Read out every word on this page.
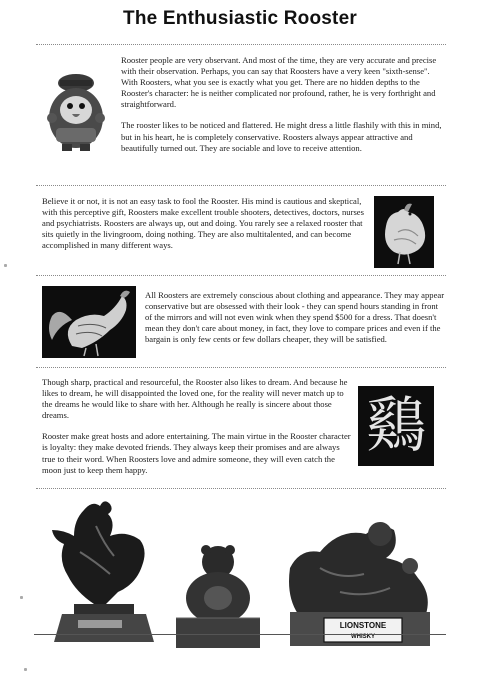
The Enthusiastic Rooster

Rooster people are very observant. And most of the time, they are very accurate and precise with their observation. Perhaps, you can say that Roosters have a very keen "sixth-sense". With Roosters, what you see is exactly what you get. There are no hidden depths to the Rooster's character: he is neither complicated nor profound, rather, he is very forthright and straightforward.

The rooster likes to be noticed and flattered. He might dress a little flashily with this in mind, but in his heart, he is completely conservative. Roosters always appear attractive and beautifully turned out. They are sociable and love to receive attention.

Believe it or not, it is not an easy task to fool the Rooster. His mind is cautious and skeptical, with this perceptive gift, Roosters make excellent trouble shooters, detectives, doctors, nurses and psychiatrists. Roosters are always up, out and doing. You rarely see a relaxed rooster that sits quietly in the livingroom, doing nothing. They are also multitalented, and can become accomplished in many different ways.

All Roosters are extremely conscious about clothing and appearance. They may appear conservative but are obsessed with their look - they can spend hours standing in front of the mirrors and will not even wink when they spend $500 for a dress. That doesn't mean they don't care about money, in fact, they love to compare prices and even if the bargain is only few cents or few dollars cheaper, they will be satisfied.

Though sharp, practical and resourceful, the Rooster also likes to dream. And because he likes to dream, he will disappointed the loved one, for the reality will never match up to the dreams he would like to share with her. Although he really is sincere about those dreams.

Rooster make great hosts and adore entertaining. The main virtue in the Rooster character is loyalty: they make devoted friends. They always keep their promises and are always true to their word. When Roosters love and admire someone, they will even catch the moon just to keep them happy.

鷄
LIONSTONE
WHISKY
